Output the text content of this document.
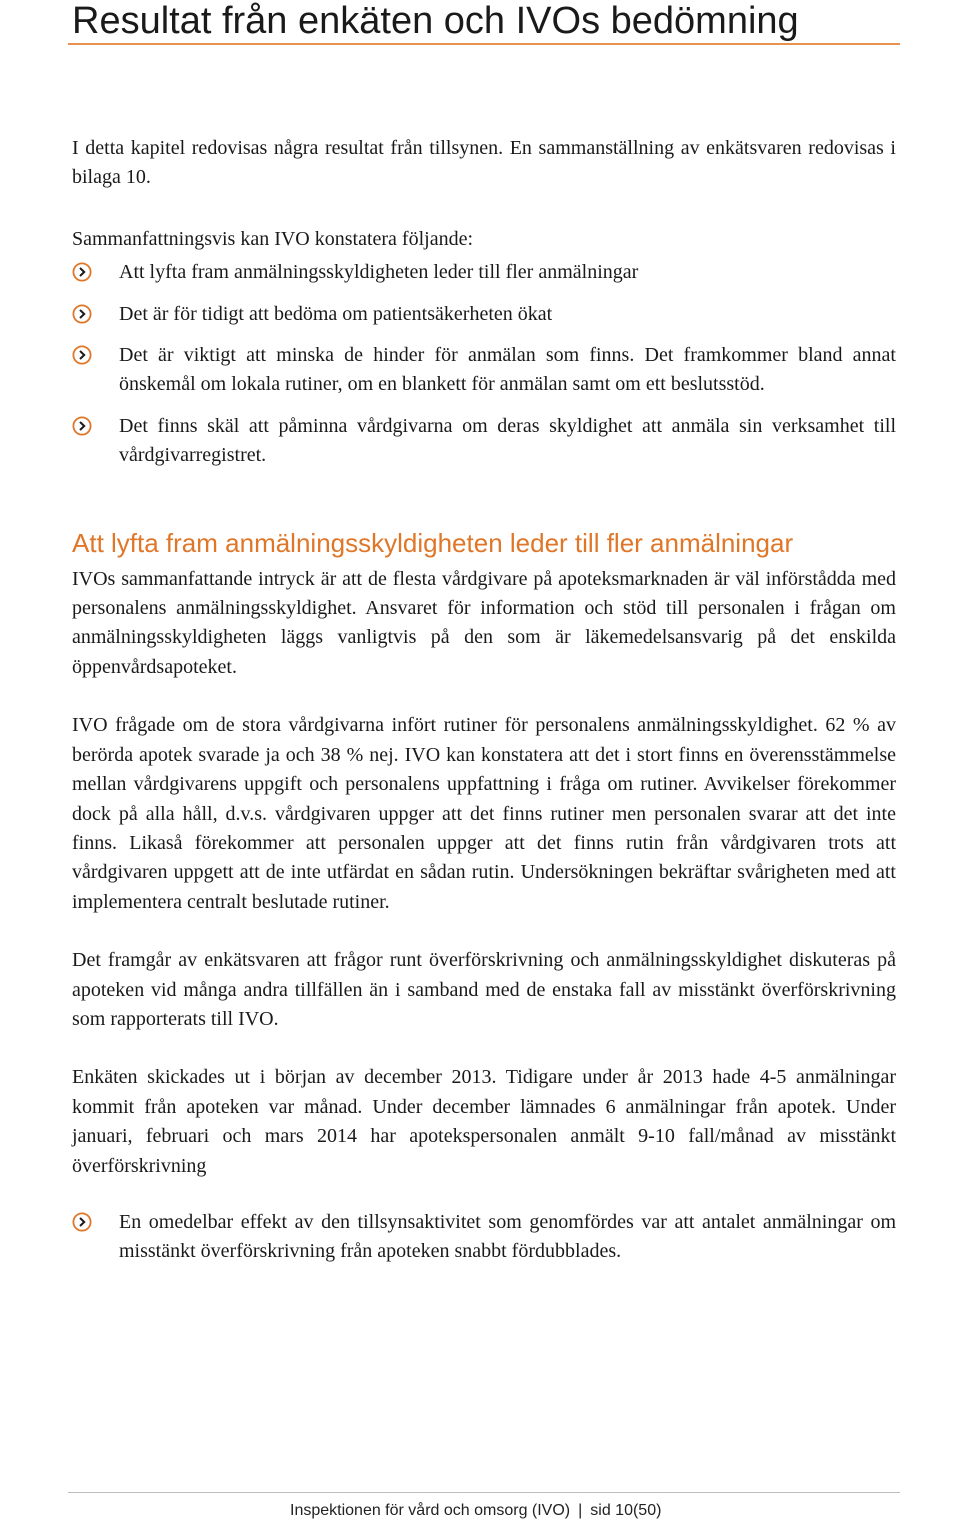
Resultat från enkäten och IVOs bedömning

I detta kapitel redovisas några resultat från tillsynen. En sammanställning av enkätsvaren redovisas i bilaga 10.

Sammanfattningsvis kan IVO konstatera följande:

Att lyfta fram anmälningsskyldigheten leder till fler anmälningar
Det är för tidigt att bedöma om patientsäkerheten ökat
Det är viktigt att minska de hinder för anmälan som finns. Det framkommer bland annat önskemål om lokala rutiner, om en blankett för anmälan samt om ett beslutsstöd.
Det finns skäl att påminna vårdgivarna om deras skyldighet att anmäla sin verksamhet till vårdgivarregistret.
Att lyfta fram anmälningsskyldigheten leder till fler anmälningar

IVOs sammanfattande intryck är att de flesta vårdgivare på apoteksmarknaden är väl införstådda med personalens anmälningsskyldighet. Ansvaret för information och stöd till personalen i frågan om anmälningsskyldigheten läggs vanligtvis på den som är läkemedelsansvarig på det enskilda öppenvårdsapoteket.

IVO frågade om de stora vårdgivarna infört rutiner för personalens anmälningsskyldighet. 62 % av berörda apotek svarade ja och 38 % nej. IVO kan konstatera att det i stort finns en överensstämmelse mellan vårdgivarens uppgift och personalens uppfattning i fråga om rutiner. Avvikelser förekommer dock på alla håll, d.v.s. vårdgivaren uppger att det finns rutiner men personalen svarar att det inte finns. Likaså förekommer att personalen uppger att det finns rutin från vårdgivaren trots att vårdgivaren uppgett att de inte utfärdat en sådan rutin. Undersökningen bekräftar svårigheten med att implementera centralt beslutade rutiner.

Det framgår av enkätsvaren att frågor runt överförskrivning och anmälningsskyldighet diskuteras på apoteken vid många andra tillfällen än i samband med de enstaka fall av misstänkt överförskrivning som rapporterats till IVO.

Enkäten skickades ut i början av december 2013. Tidigare under år 2013 hade 4-5 anmälningar kommit från apoteken var månad. Under december lämnades 6 anmälningar från apotek. Under januari, februari och mars 2014 har apotekspersonalen anmält 9-10 fall/månad av misstänkt överförskrivning

En omedelbar effekt av den tillsynsaktivitet som genomfördes var att antalet anmälningar om misstänkt överförskrivning från apoteken snabbt fördubblades.
Inspektionen för vård och omsorg (IVO) | sid 10(50)
